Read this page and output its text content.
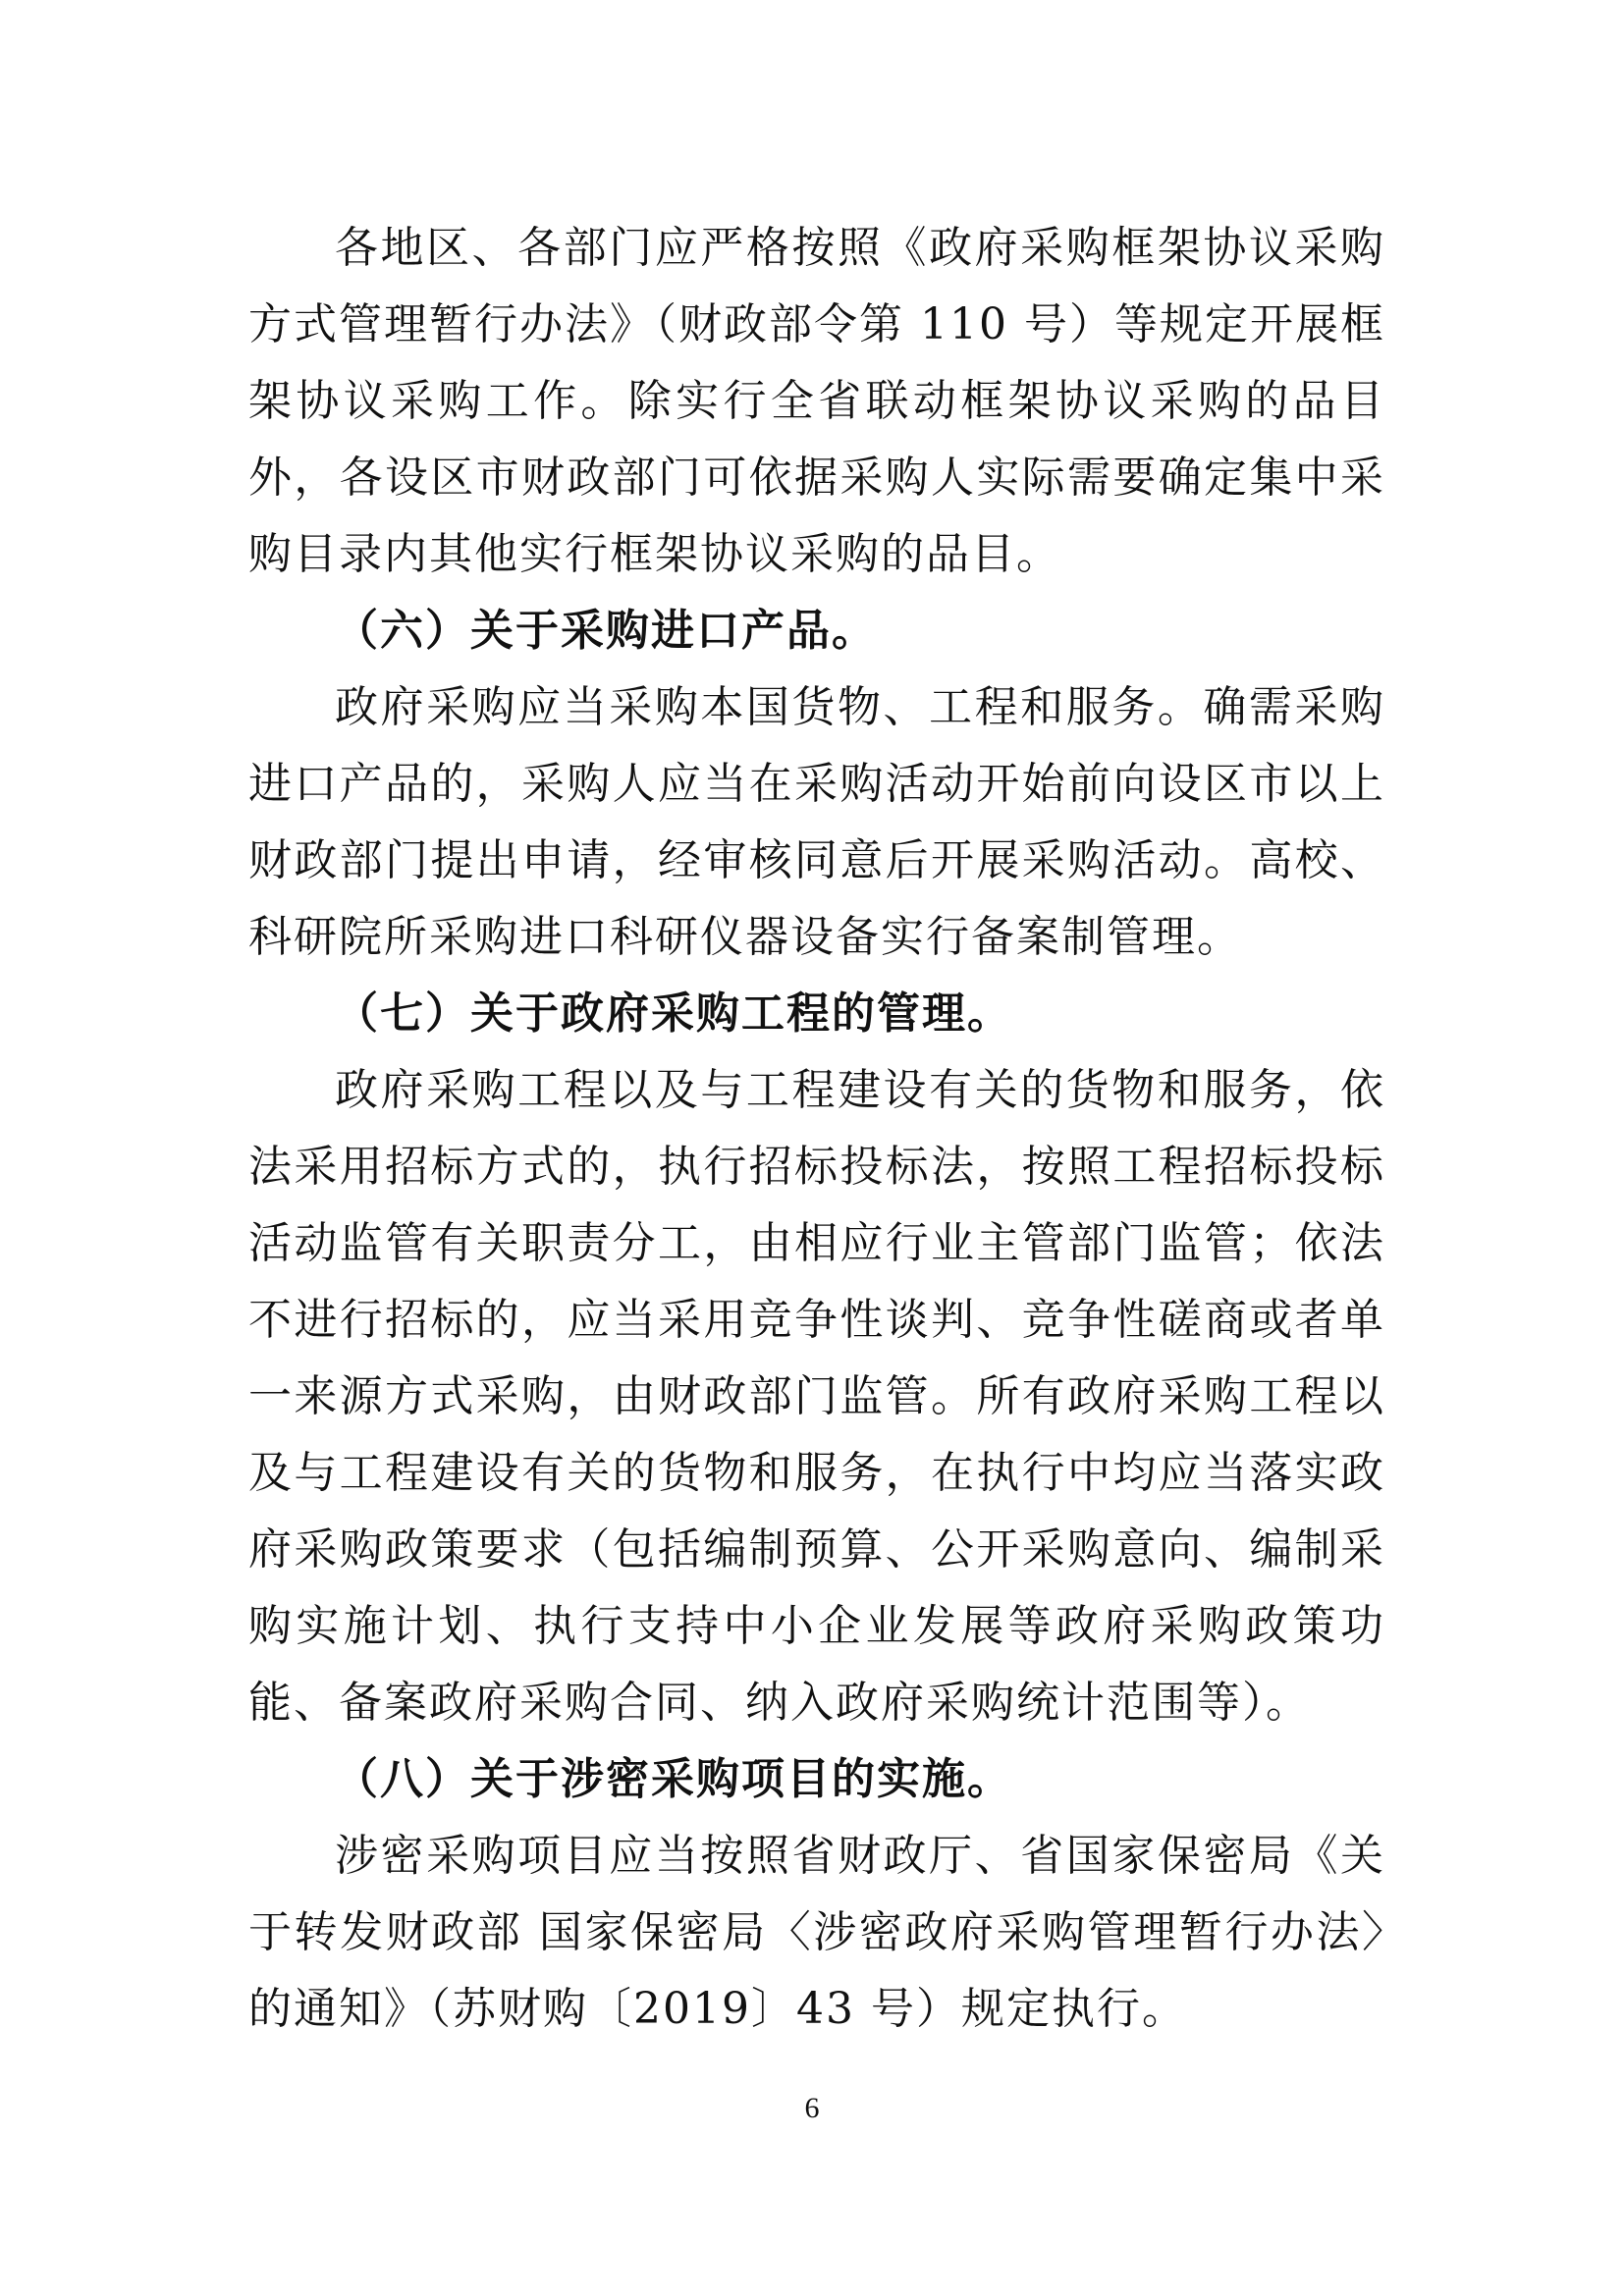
各地区、各部门应严格按照《政府采购框架协议采购方式管理暂行办法》（财政部令第 110 号）等规定开展框架协议采购工作。除实行全省联动框架协议采购的品目外，各设区市财政部门可依据采购人实际需要确定集中采购目录内其他实行框架协议采购的品目。

（六）关于采购进口产品。

政府采购应当采购本国货物、工程和服务。确需采购进口产品的，采购人应当在采购活动开始前向设区市以上财政部门提出申请，经审核同意后开展采购活动。高校、科研院所采购进口科研仪器设备实行备案制管理。

（七）关于政府采购工程的管理。

政府采购工程以及与工程建设有关的货物和服务，依法采用招标方式的，执行招标投标法，按照工程招标投标活动监管有关职责分工，由相应行业主管部门监管；依法不进行招标的，应当采用竞争性谈判、竞争性磋商或者单一来源方式采购，由财政部门监管。所有政府采购工程以及与工程建设有关的货物和服务，在执行中均应当落实政府采购政策要求（包括编制预算、公开采购意向、编制采购实施计划、执行支持中小企业发展等政府采购政策功能、备案政府采购合同、纳入政府采购统计范围等）。

（八）关于涉密采购项目的实施。

涉密采购项目应当按照省财政厅、省国家保密局《关于转发财政部 国家保密局〈涉密政府采购管理暂行办法〉的通知》（苏财购〔2019〕43 号）规定执行。

6
